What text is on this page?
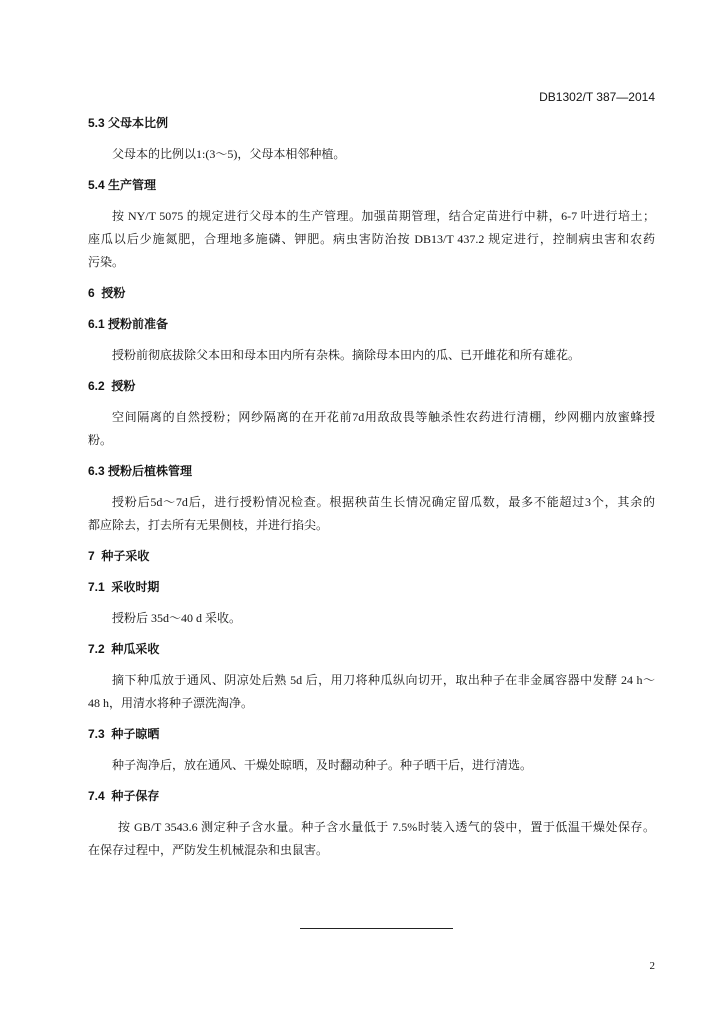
DB1302/T 387—2014
5.3 父母本比例
父母本的比例以1:(3～5)，父母本相邻种植。
5.4 生产管理
按 NY/T 5075 的规定进行父母本的生产管理。加强苗期管理，结合定苗进行中耕，6-7 叶进行培土；
座瓜以后少施氮肥，合理地多施磷、钾肥。病虫害防治按 DB13/T 437.2 规定进行，控制病虫害和农药
污染。
6  授粉
6.1 授粉前准备
授粉前彻底拔除父本田和母本田内所有杂株。摘除母本田内的瓜、已开雌花和所有雄花。
6.2  授粉
空间隔离的自然授粉；网纱隔离的在开花前7d用敌敌畏等触杀性农药进行清棚，纱网棚内放蜜蜂授
粉。
6.3 授粉后植株管理
授粉后5d～7d后，进行授粉情况检查。根据秧苗生长情况确定留瓜数，最多不能超过3个，其余的
都应除去，打去所有无果侧枝，并进行掐尖。
7  种子采收
7.1  采收时期
授粉后 35d～40 d 采收。
7.2  种瓜采收
摘下种瓜放于通风、阴凉处后熟 5d 后，用刀将种瓜纵向切开，取出种子在非金属容器中发酵 24 h～
48 h，用清水将种子漂洗淘净。
7.3  种子晾晒
种子淘净后，放在通风、干燥处晾晒，及时翻动种子。种子晒干后，进行清选。
7.4  种子保存
按 GB/T 3543.6 测定种子含水量。种子含水量低于 7.5%时装入透气的袋中，置于低温干燥处保存。
在保存过程中，严防发生机械混杂和虫鼠害。
2
